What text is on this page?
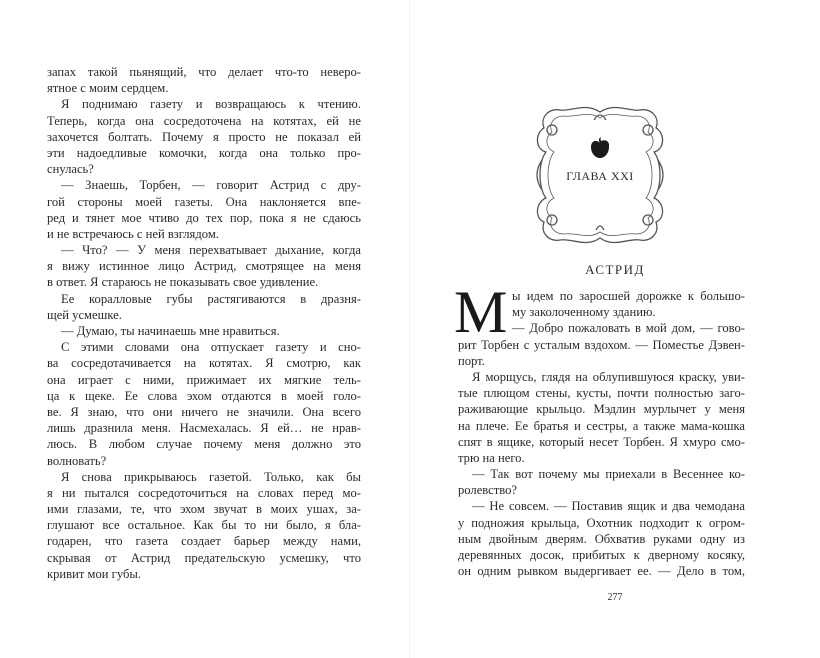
запах такой пьянящий, что делает что-то неверо-
ятное с моим сердцем.
Я поднимаю газету и возвращаюсь к чтению.
Теперь, когда она сосредоточена на котятах, ей не
захочется болтать. Почему я просто не показал ей
эти надоедливые комочки, когда она только про-
снулась?
— Знаешь, Торбен, — говорит Астрид с дру-
гой стороны моей газеты. Она наклоняется впе-
ред и тянет мое чтиво до тех пор, пока я не сдаюсь
и не встречаюсь с ней взглядом.
— Что? — У меня перехватывает дыхание, когда
я вижу истинное лицо Астрид, смотрящее на меня
в ответ. Я стараюсь не показывать свое удивление.
Ее коралловые губы растягиваются в дразня-
щей усмешке.
— Думаю, ты начинаешь мне нравиться.
С этими словами она отпускает газету и сно-
ва сосредотачивается на котятах. Я смотрю, как
она играет с ними, прижимает их мягкие тель-
ца к щеке. Ее слова эхом отдаются в моей голо-
ве. Я знаю, что они ничего не значили. Она всего
лишь дразнила меня. Насмехалась. Я ей… не нрав-
люсь. В любом случае почему меня должно это
волновать?
Я снова прикрываюсь газетой. Только, как бы
я ни пытался сосредоточиться на словах перед мо-
ими глазами, те, что эхом звучат в моих ушах, за-
глушают все остальное. Как бы то ни было, я бла-
годарен, что газета создает барьер между нами,
скрывая от Астрид предательскую усмешку, что
кривит мои губы.
ГЛАВА XXI
АСТРИД
М ы идем по заросшей дорожке к большо-
му заколоченному зданию.
— Добро пожаловать в мой дом, — гово-
рит Торбен с усталым вздохом. — Поместье Дэвен-
порт.
Я морщусь, глядя на облупившуюся краску, уви-
тые плющом стены, кусты, почти полностью заго-
раживающие крыльцо. Мэдлин мурлычет у меня
на плече. Ее братья и сестры, а также мама-кошка
спят в ящике, который несет Торбен. Я хмуро смо-
трю на него.
— Так вот почему мы приехали в Весеннее ко-
ролевство?
— Не совсем. — Поставив ящик и два чемодана
у подножия крыльца, Охотник подходит к огром-
ным двойным дверям. Обхватив руками одну из
деревянных досок, прибитых к дверному косяку,
он одним рывком выдергивает ее. — Дело в том,
277
